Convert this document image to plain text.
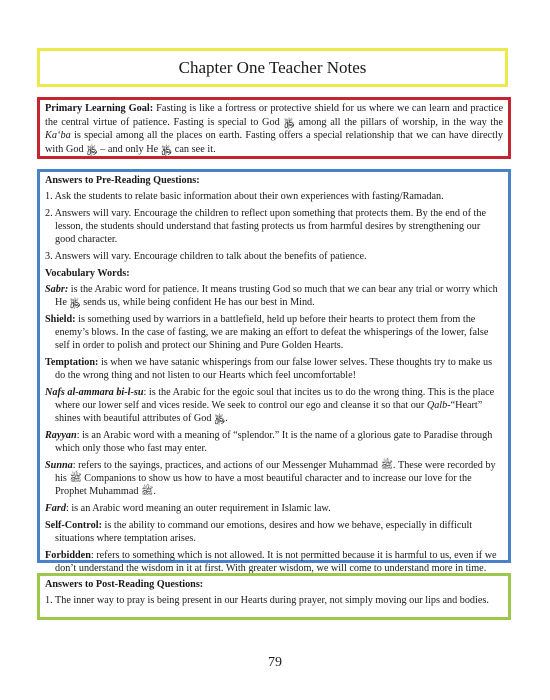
Chapter One Teacher Notes

Primary Learning Goal: Fasting is like a fortress or protective shield for us where we can learn and practice the central virtue of patience. Fasting is special to God ﷿ among all the pillars of worship, in the way the Kaʻba is special among all the places on earth. Fasting offers a special relationship that we can have directly with God ﷿ – and only He ﷿ can see it.

Answers to Pre-Reading Questions:

1. Ask the students to relate basic information about their own experiences with fasting/Ramadan.

2. Answers will vary. Encourage the children to reflect upon something that protects them. By the end of the lesson, the students should understand that fasting protects us from harmful desires by strengthening our good character.

3. Answers will vary. Encourage children to talk about the benefits of patience.

Vocabulary Words:

Sabr: is the Arabic word for patience. It means trusting God so much that we can bear any trial or worry which He ﷿ sends us, while being confident He has our best in Mind.

Shield: is something used by warriors in a battlefield, held up before their hearts to protect them from the enemy’s blows. In the case of fasting, we are making an effort to defeat the whisperings of the lower, false self in order to polish and protect our Shining and Pure Golden Hearts.

Temptation: is when we have satanic whisperings from our false lower selves. These thoughts try to make us do the wrong thing and not listen to our Hearts which feel uncomfortable!

Nafs al-ammara bi-l-su: is the Arabic for the egoic soul that incites us to do the wrong thing. This is the place where our lower self and vices reside. We seek to control our ego and cleanse it so that our Qalb-“Heart” shines with beautiful attributes of God ﷿.

Rayyan: is an Arabic word with a meaning of “splendor.” It is the name of a glorious gate to Paradise through which only those who fast may enter.

Sunna: refers to the sayings, practices, and actions of our Messenger Muhammad ﷺ. These were recorded by his ﷺ Companions to show us how to have a most beautiful character and to increase our love for the Prophet Muhammad ﷺ.

Fard: is an Arabic word meaning an outer requirement in Islamic law.

Self-Control: is the ability to command our emotions, desires and how we behave, especially in difficult situations where temptation arises.

Forbidden: refers to something which is not allowed. It is not permitted because it is harmful to us, even if we don’t understand the wisdom in it at first. With greater wisdom, we will come to understand more in time.

Answers to Post-Reading Questions:

1. The inner way to pray is being present in our Hearts during prayer, not simply moving our lips and bodies.

79
